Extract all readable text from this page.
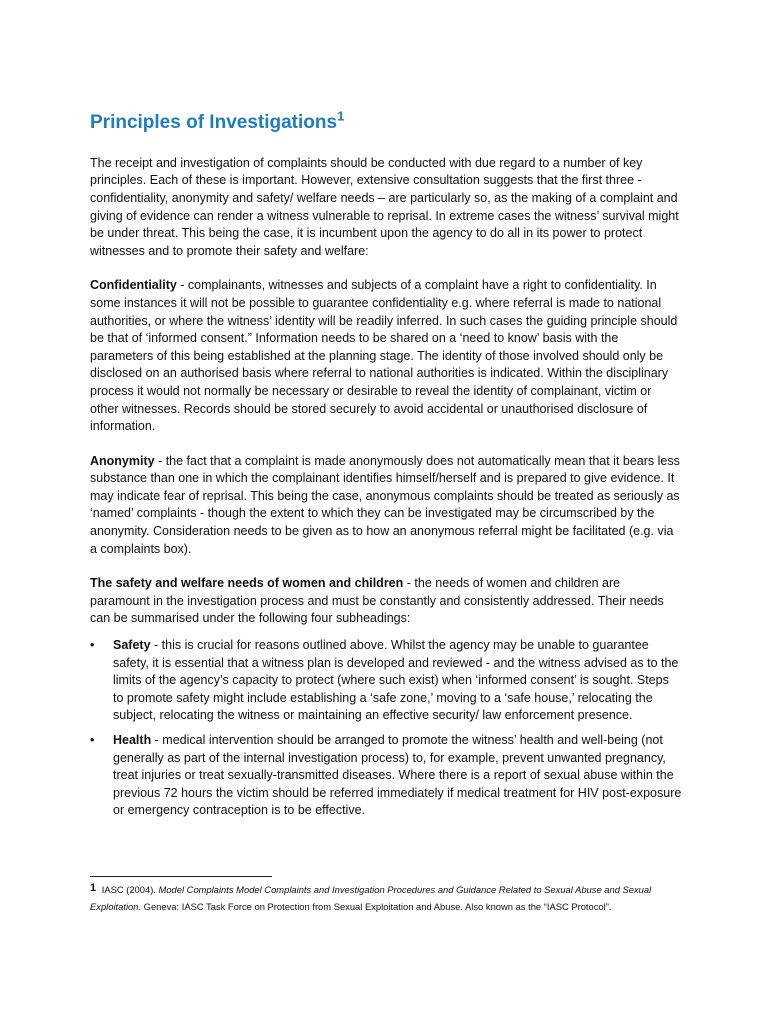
Principles of Investigations$^1$

The receipt and investigation of complaints should be conducted with due regard to a number of key principles. Each of these is important. However, extensive consultation suggests that the first three - confidentiality, anonymity and safety/ welfare needs – are particularly so, as the making of a complaint and giving of evidence can render a witness vulnerable to reprisal. In extreme cases the witness’ survival might be under threat. This being the case, it is incumbent upon the agency to do all in its power to protect witnesses and to promote their safety and welfare:

Confidentiality - complainants, witnesses and subjects of a complaint have a right to confidentiality. In some instances it will not be possible to guarantee confidentiality e.g. where referral is made to national authorities, or where the witness’ identity will be readily inferred. In such cases the guiding principle should be that of ‘informed consent.” Information needs to be shared on a ‘need to know’ basis with the parameters of this being established at the planning stage. The identity of those involved should only be disclosed on an authorised basis where referral to national authorities is indicated. Within the disciplinary process it would not normally be necessary or desirable to reveal the identity of complainant, victim or other witnesses. Records should be stored securely to avoid accidental or unauthorised disclosure of information.

Anonymity - the fact that a complaint is made anonymously does not automatically mean that it bears less substance than one in which the complainant identifies himself/herself and is prepared to give evidence. It may indicate fear of reprisal. This being the case, anonymous complaints should be treated as seriously as ‘named’ complaints - though the extent to which they can be investigated may be circumscribed by the anonymity. Consideration needs to be given as to how an anonymous referral might be facilitated (e.g. via a complaints box).

The safety and welfare needs of women and children - the needs of women and children are paramount in the investigation process and must be constantly and consistently addressed. Their needs can be summarised under the following four subheadings:

• Safety - this is crucial for reasons outlined above. Whilst the agency may be unable to guarantee safety, it is essential that a witness plan is developed and reviewed - and the witness advised as to the limits of the agency’s capacity to protect (where such exist) when ‘informed consent’ is sought. Steps to promote safety might include establishing a ‘safe zone,’ moving to a ‘safe house,’ relocating the subject, relocating the witness or maintaining an effective security/ law enforcement presence.
• Health - medical intervention should be arranged to promote the witness’ health and well-being (not generally as part of the internal investigation process) to, for example, prevent unwanted pregnancy, treat injuries or treat sexually-transmitted diseases. Where there is a report of sexual abuse within the previous 72 hours the victim should be referred immediately if medical treatment for HIV post-exposure or emergency contraception is to be effective.
1 IASC (2004). Model Complaints Model Complaints and Investigation Procedures and Guidance Related to Sexual Abuse and Sexual Exploitation. Geneva: IASC Task Force on Protection from Sexual Exploitation and Abuse. Also known as the “IASC Protocol”.
